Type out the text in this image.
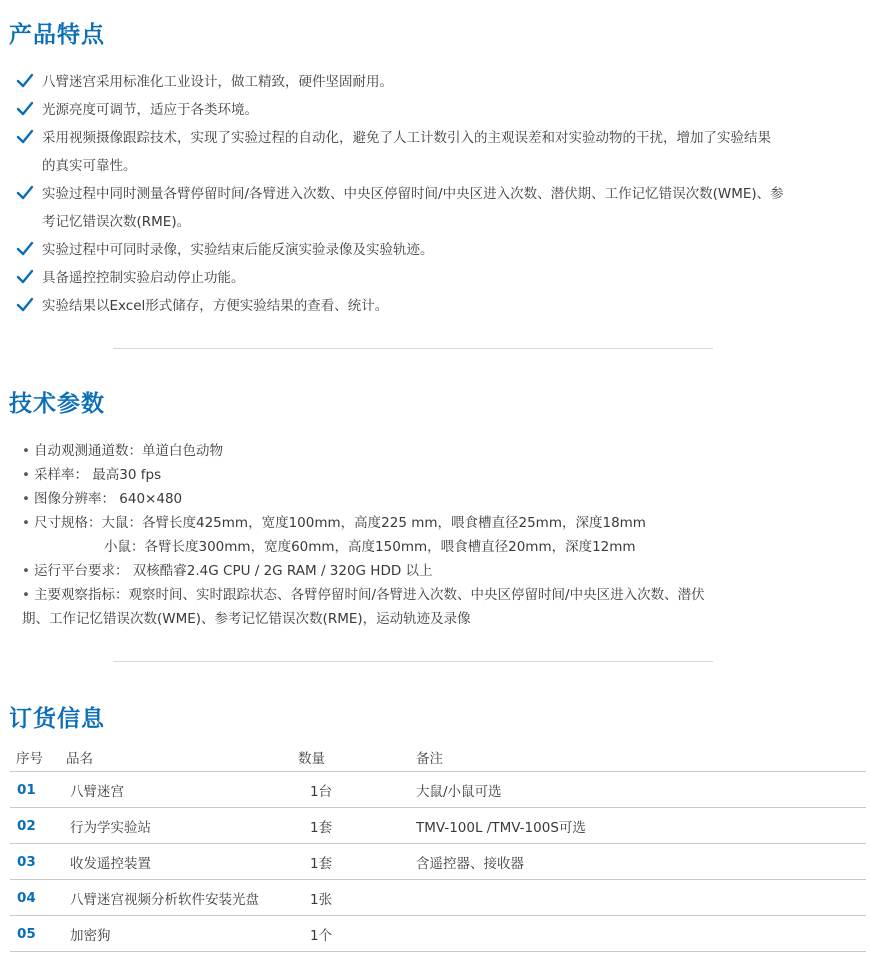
产品特点
八臂迷宫采用标准化工业设计，做工精致，硬件坚固耐用。
光源亮度可调节，适应于各类环境。
采用视频摄像跟踪技术，实现了实验过程的自动化，避免了人工计数引入的主观误差和对实验动物的干扰，增加了实验结果
的真实可靠性。
实验过程中同时测量各臂停留时间/各臂进入次数、中央区停留时间/中央区进入次数、潜伏期、工作记忆错误次数(WME)、参
考记忆错误次数(RME)。
实验过程中可同时录像，实验结束后能反演实验录像及实验轨迹。
具备遥控控制实验启动停止功能。
实验结果以Excel形式储存，方便实验结果的查看、统计。
技术参数
• 自动观测通道数：单道白色动物
• 采样率： 最高30 fps
• 图像分辨率： 640×480
• 尺寸规格：大鼠：各臂长度425mm，宽度100mm，高度225 mm，喂食槽直径25mm，深度18mm
小鼠：各臂长度300mm，宽度60mm，高度150mm，喂食槽直径20mm，深度12mm
• 运行平台要求： 双核酷睿2.4G CPU / 2G RAM / 320G HDD 以上
• 主要观察指标：观察时间、实时跟踪状态、各臂停留时间/各臂进入次数、中央区停留时间/中央区进入次数、潜伏
期、工作记忆错误次数(WME)、参考记忆错误次数(RME)，运动轨迹及录像
订货信息
序号	品名	数量	备注
01	八臂迷宫	1台	大鼠/小鼠可选
02	行为学实验站	1套	TMV-100L /TMV-100S可选
03	收发遥控装置	1套	含遥控器、接收器
04	八臂迷宫视频分析软件安装光盘	1张	
05	加密狗	1个	
